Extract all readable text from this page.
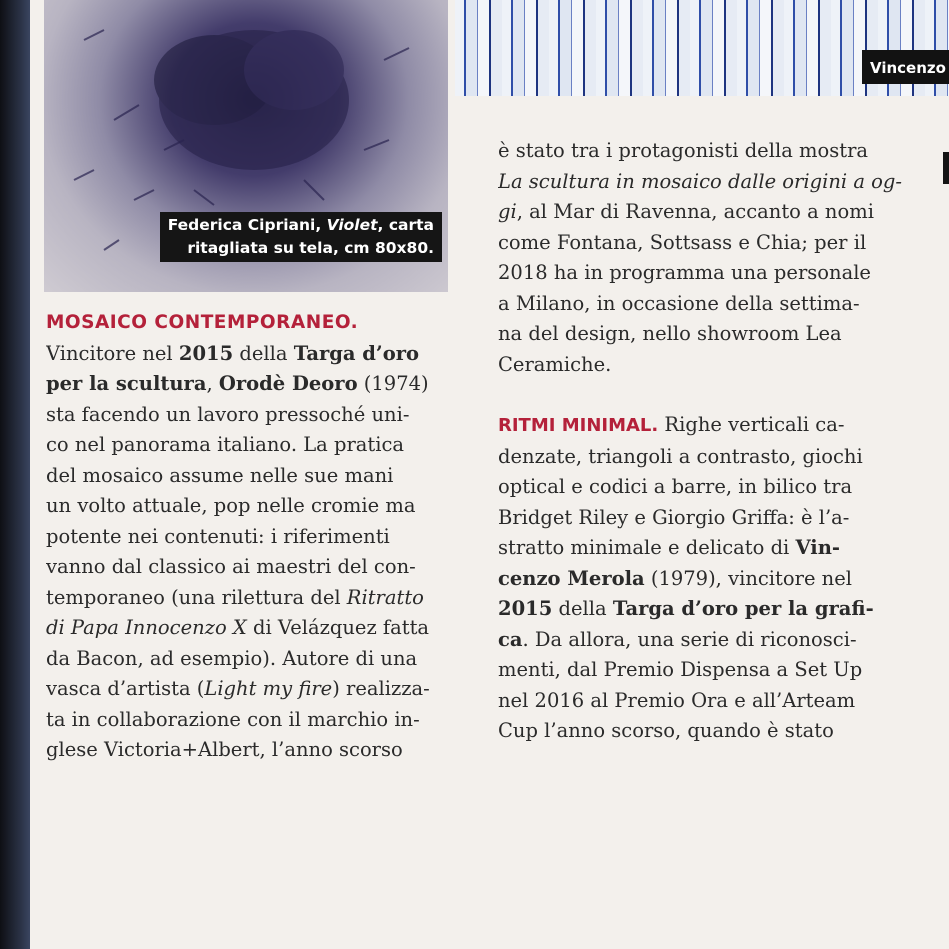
Federica Cipriani, Violet, carta
ritagliata su tela, cm 80x80.
Vincenzo
MOSAICO CONTEMPORANEO.
Vincitore nel 2015 della Targa d’oro
per la scultura, Orodè Deoro (1974)
sta facendo un lavoro pressoché uni-
co nel panorama italiano. La pratica
del mosaico assume nelle sue mani
un volto attuale, pop nelle cromie ma
potente nei contenuti: i riferimenti
vanno dal classico ai maestri del con-
temporaneo (una rilettura del Ritratto
di Papa Innocenzo X di Velázquez fatta
da Bacon, ad esempio). Autore di una
vasca d’artista (Light my fire) realizza-
ta in collaborazione con il marchio in-
glese Victoria+Albert, l’anno scorso
è stato tra i protagonisti della mostra
La scultura in mosaico dalle origini a og-
gi, al Mar di Ravenna, accanto a nomi
come Fontana, Sottsass e Chia; per il
2018 ha in programma una personale
a Milano, in occasione della settima-
na del design, nello showroom Lea
Ceramiche.
RITMI MINIMAL. Righe verticali ca-
denzate, triangoli a contrasto, giochi
optical e codici a barre, in bilico tra
Bridget Riley e Giorgio Griffa: è l’a-
stratto minimale e delicato di Vin-
cenzo Merola (1979), vincitore nel
2015 della Targa d’oro per la grafi-
ca. Da allora, una serie di riconosci-
menti, dal Premio Dispensa a Set Up
nel 2016 al Premio Ora e all’Arteam
Cup l’anno scorso, quando è stato
